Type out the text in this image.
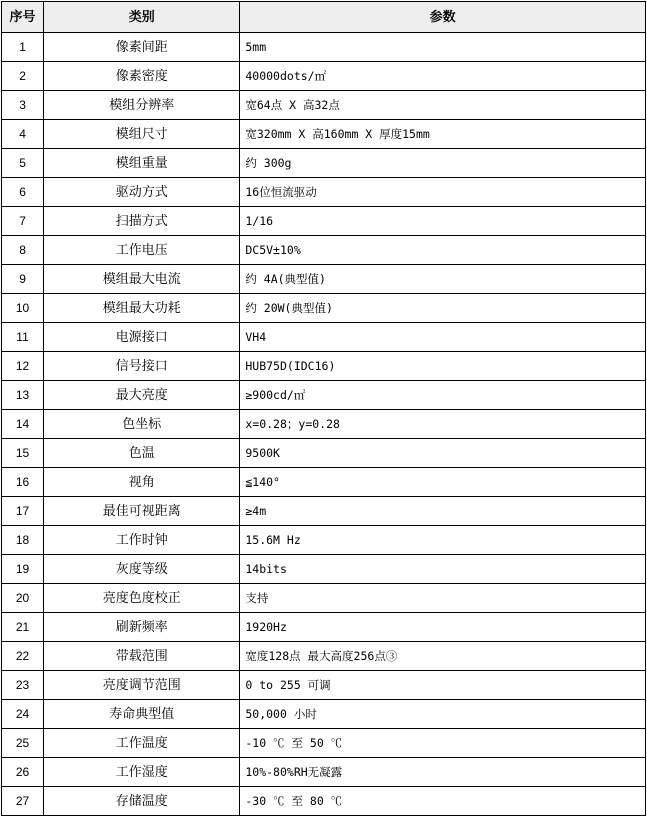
序号	类别	参数
1	像素间距	5mm
2	像素密度	40000dots/㎡
3	模组分辨率	宽64点 X 高32点
4	模组尺寸	宽320mm X 高160mm X 厚度15mm
5	模组重量	约 300g
6	驱动方式	16位恒流驱动
7	扫描方式	1/16
8	工作电压	DC5V±10%
9	模组最大电流	约 4A(典型值)
10	模组最大功耗	约 20W(典型值)
11	电源接口	VH4
12	信号接口	HUB75D(IDC16)
13	最大亮度	≥900cd/㎡
14	色坐标	x=0.28；y=0.28
15	色温	9500K
16	视角	≦140°
17	最佳可视距离	≥4m
18	工作时钟	15.6M Hz
19	灰度等级	14bits
20	亮度色度校正	支持
21	刷新频率	1920Hz
22	带载范围	宽度128点 最大高度256点③
23	亮度调节范围	0 to 255 可调
24	寿命典型值	50,000 小时
25	工作温度	-10 ℃ 至 50 ℃
26	工作湿度	10%-80%RH无凝露
27	存储温度	-30 ℃ 至 80 ℃
